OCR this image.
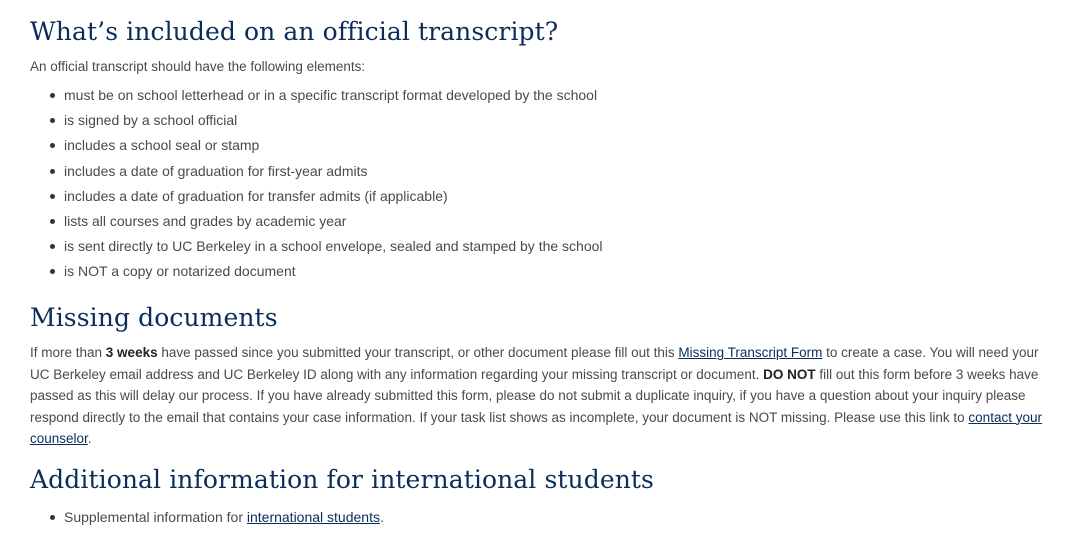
What’s included on an official transcript?
An official transcript should have the following elements:
must be on school letterhead or in a specific transcript format developed by the school
is signed by a school official
includes a school seal or stamp
includes a date of graduation for first-year admits
includes a date of graduation for transfer admits (if applicable)
lists all courses and grades by academic year
is sent directly to UC Berkeley in a school envelope, sealed and stamped by the school
is NOT a copy or notarized document
Missing documents

If more than 3 weeks have passed since you submitted your transcript, or other document please fill out this Missing Transcript Form to create a case. You will need your UC Berkeley email address and UC Berkeley ID along with any information regarding your missing transcript or document. DO NOT fill out this form before 3 weeks have passed as this will delay our process. If you have already submitted this form, please do not submit a duplicate inquiry, if you have a question about your inquiry please respond directly to the email that contains your case information. If your task list shows as incomplete, your document is NOT missing. Please use this link to contact your counselor.

Additional information for international students
Supplemental information for international students.
